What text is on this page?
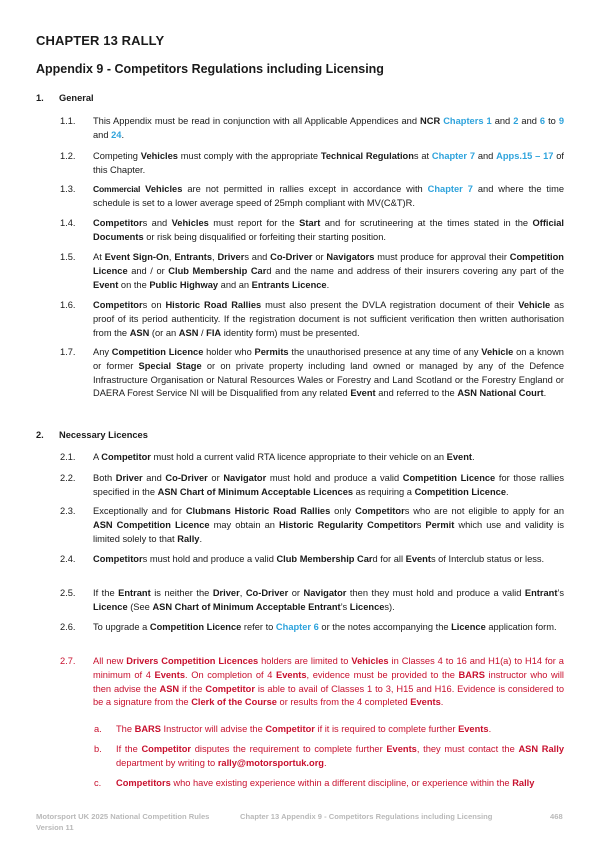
CHAPTER 13 RALLY
Appendix 9 - Competitors Regulations including Licensing
1. General
1.1. This Appendix must be read in conjunction with all Applicable Appendices and NCR Chapters 1 and 2 and 6 to 9 and 24.
1.2. Competing Vehicles must comply with the appropriate Technical Regulations at Chapter 7 and Apps.15 – 17 of this Chapter.
1.3. Commercial Vehicles are not permitted in rallies except in accordance with Chapter 7 and where the time schedule is set to a lower average speed of 25mph compliant with MV(C&T)R.
1.4. Competitors and Vehicles must report for the Start and for scrutineering at the times stated in the Official Documents or risk being disqualified or forfeiting their starting position.
1.5. At Event Sign-On, Entrants, Drivers and Co-Driver or Navigators must produce for approval their Competition Licence and / or Club Membership Card and the name and address of their insurers covering any part of the Event on the Public Highway and an Entrants Licence.
1.6. Competitors on Historic Road Rallies must also present the DVLA registration document of their Vehicle as proof of its period authenticity. If the registration document is not sufficient verification then written authorisation from the ASN (or an ASN / FIA identity form) must be presented.
1.7. Any Competition Licence holder who Permits the unauthorised presence at any time of any Vehicle on a known or former Special Stage or on private property including land owned or managed by any of the Defence Infrastructure Organisation or Natural Resources Wales or Forestry and Land Scotland or the Forestry England or DAERA Forest Service NI will be Disqualified from any related Event and referred to the ASN National Court.
2. Necessary Licences
2.1. A Competitor must hold a current valid RTA licence appropriate to their vehicle on an Event.
2.2. Both Driver and Co-Driver or Navigator must hold and produce a valid Competition Licence for those rallies specified in the ASN Chart of Minimum Acceptable Licences as requiring a Competition Licence.
2.3. Exceptionally and for Clubmans Historic Road Rallies only Competitors who are not eligible to apply for an ASN Competition Licence may obtain an Historic Regularity Competitors Permit which use and validity is limited solely to that Rally.
2.4. Competitors must hold and produce a valid Club Membership Card for all Events of Interclub status or less.
2.5. If the Entrant is neither the Driver, Co-Driver or Navigator then they must hold and produce a valid Entrant’s Licence (See ASN Chart of Minimum Acceptable Entrant’s Licences).
2.6. To upgrade a Competition Licence refer to Chapter 6 or the notes accompanying the Licence application form.
2.7. All new Drivers Competition Licences holders are limited to Vehicles in Classes 4 to 16 and H1(a) to H14 for a minimum of 4 Events. On completion of 4 Events, evidence must be provided to the BARS instructor who will then advise the ASN if the Competitor is able to avail of Classes 1 to 3, H15 and H16. Evidence is considered to be a signature from the Clerk of the Course or results from the 4 completed Events.
a. The BARS Instructor will advise the Competitor if it is required to complete further Events.
b. If the Competitor disputes the requirement to complete further Events, they must contact the ASN Rally department by writing to rally@motorsportuk.org.
c. Competitors who have existing experience within a different discipline, or experience within the Rally
Motorsport UK 2025 National Competition Rules
Version 11
Chapter 13 Appendix 9 - Competitors Regulations including Licensing	468
